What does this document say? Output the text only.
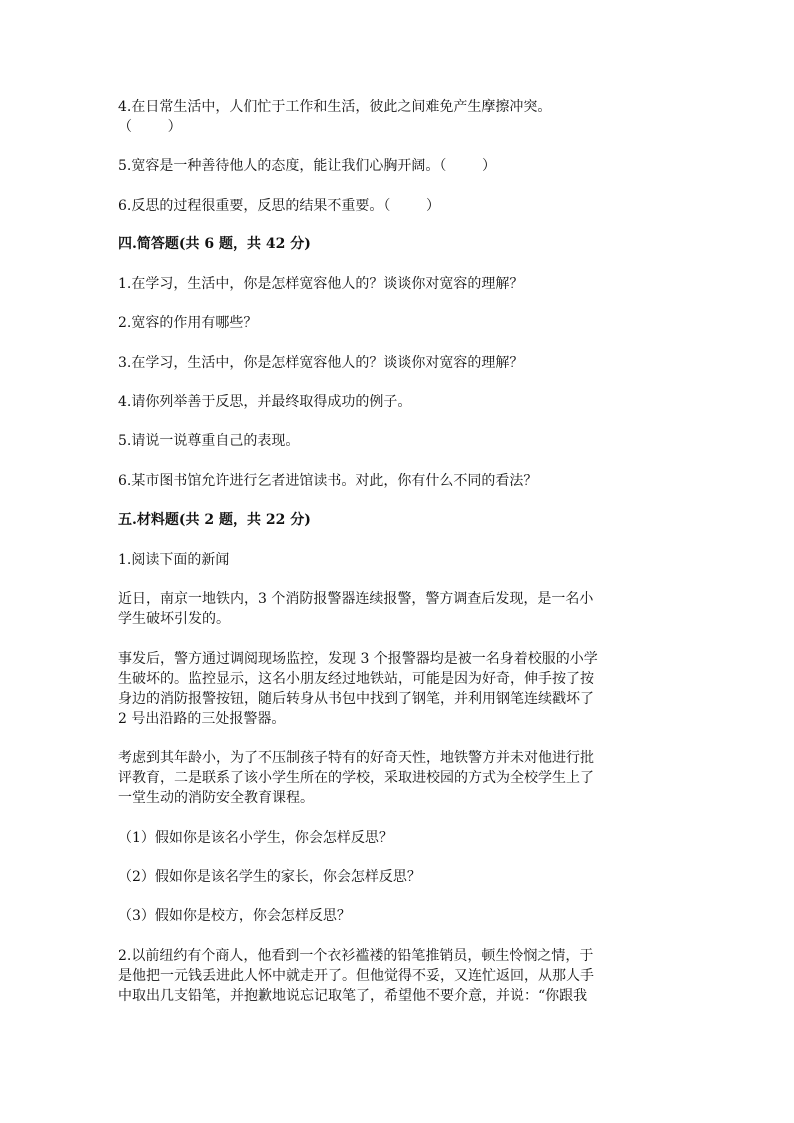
4.在日常生活中，人们忙于工作和生活，彼此之间难免产生摩擦冲突。

（        ）

5.宽容是一种善待他人的态度，能让我们心胸开阔。（        ）

6.反思的过程很重要，反思的结果不重要。（        ）

四.简答题(共 6 题，共 42 分)

1.在学习，生活中，你是怎样宽容他人的？谈谈你对宽容的理解？

2.宽容的作用有哪些？

3.在学习，生活中，你是怎样宽容他人的？谈谈你对宽容的理解？

4.请你列举善于反思，并最终取得成功的例子。

5.请说一说尊重自己的表现。

6.某市图书馆允许进行乞者进馆读书。对此，你有什么不同的看法？

五.材料题(共 2 题，共 22 分)

1.阅读下面的新闻

近日，南京一地铁内，3 个消防报警器连续报警，警方调查后发现，是一名小

学生破坏引发的。

事发后，警方通过调阅现场监控，发现 3 个报警器均是被一名身着校服的小学

生破坏的。监控显示，这名小朋友经过地铁站，可能是因为好奇，伸手按了按

身边的消防报警按钮，随后转身从书包中找到了钢笔，并利用钢笔连续戳坏了

2 号出沿路的三处报警器。

考虑到其年龄小，为了不压制孩子特有的好奇天性，地铁警方并未对他进行批

评教育，二是联系了该小学生所在的学校，采取进校园的方式为全校学生上了

一堂生动的消防安全教育课程。

（1）假如你是该名小学生，你会怎样反思？

（2）假如你是该名学生的家长，你会怎样反思？

（3）假如你是校方，你会怎样反思？

2.以前纽约有个商人，他看到一个衣衫褴褛的铅笔推销员，顿生怜悯之情，于

是他把一元钱丢进此人怀中就走开了。但他觉得不妥，又连忙返回，从那人手

中取出几支铅笔，并抱歉地说忘记取笔了，希望他不要介意，并说：“你跟我
